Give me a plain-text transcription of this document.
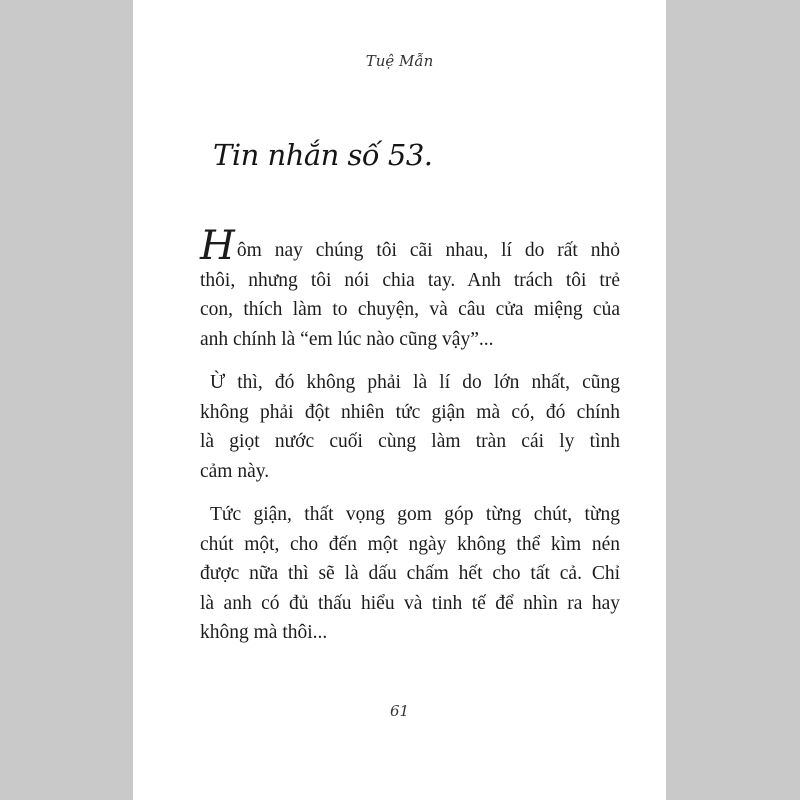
Tuệ Mẫn
Tin nhắn số 53.
Hôm nay chúng tôi cãi nhau, lí do rất nhỏ
thôi, nhưng tôi nói chia tay. Anh trách tôi trẻ
con, thích làm to chuyện, và câu cửa miệng của
anh chính là “em lúc nào cũng vậy”...
Ừ thì, đó không phải là lí do lớn nhất, cũng
không phải đột nhiên tức giận mà có, đó chính
là giọt nước cuối cùng làm tràn cái ly tình
cảm này.
Tức giận, thất vọng gom góp từng chút, từng
chút một, cho đến một ngày không thể kìm nén
được nữa thì sẽ là dấu chấm hết cho tất cả. Chỉ
là anh có đủ thấu hiểu và tinh tế để nhìn ra hay
không mà thôi...
61
